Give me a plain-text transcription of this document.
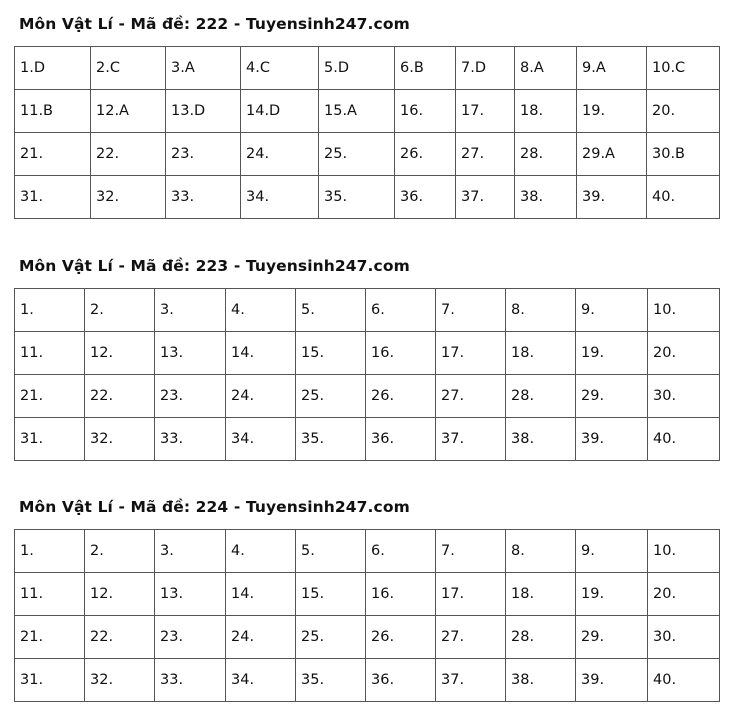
Môn Vật Lí - Mã đề: 222 - Tuyensinh247.com
1.D	2.C	3.A	4.C	5.D	6.B	7.D	8.A	9.A	10.C
11.B	12.A	13.D	14.D	15.A	16.	17.	18.	19.	20.
21.	22.	23.	24.	25.	26.	27.	28.	29.A	30.B
31.	32.	33.	34.	35.	36.	37.	38.	39.	40.
Môn Vật Lí - Mã đề: 223 - Tuyensinh247.com
1.	2.	3.	4.	5.	6.	7.	8.	9.	10.
11.	12.	13.	14.	15.	16.	17.	18.	19.	20.
21.	22.	23.	24.	25.	26.	27.	28.	29.	30.
31.	32.	33.	34.	35.	36.	37.	38.	39.	40.
Môn Vật Lí - Mã đề: 224 - Tuyensinh247.com
1.	2.	3.	4.	5.	6.	7.	8.	9.	10.
11.	12.	13.	14.	15.	16.	17.	18.	19.	20.
21.	22.	23.	24.	25.	26.	27.	28.	29.	30.
31.	32.	33.	34.	35.	36.	37.	38.	39.	40.
